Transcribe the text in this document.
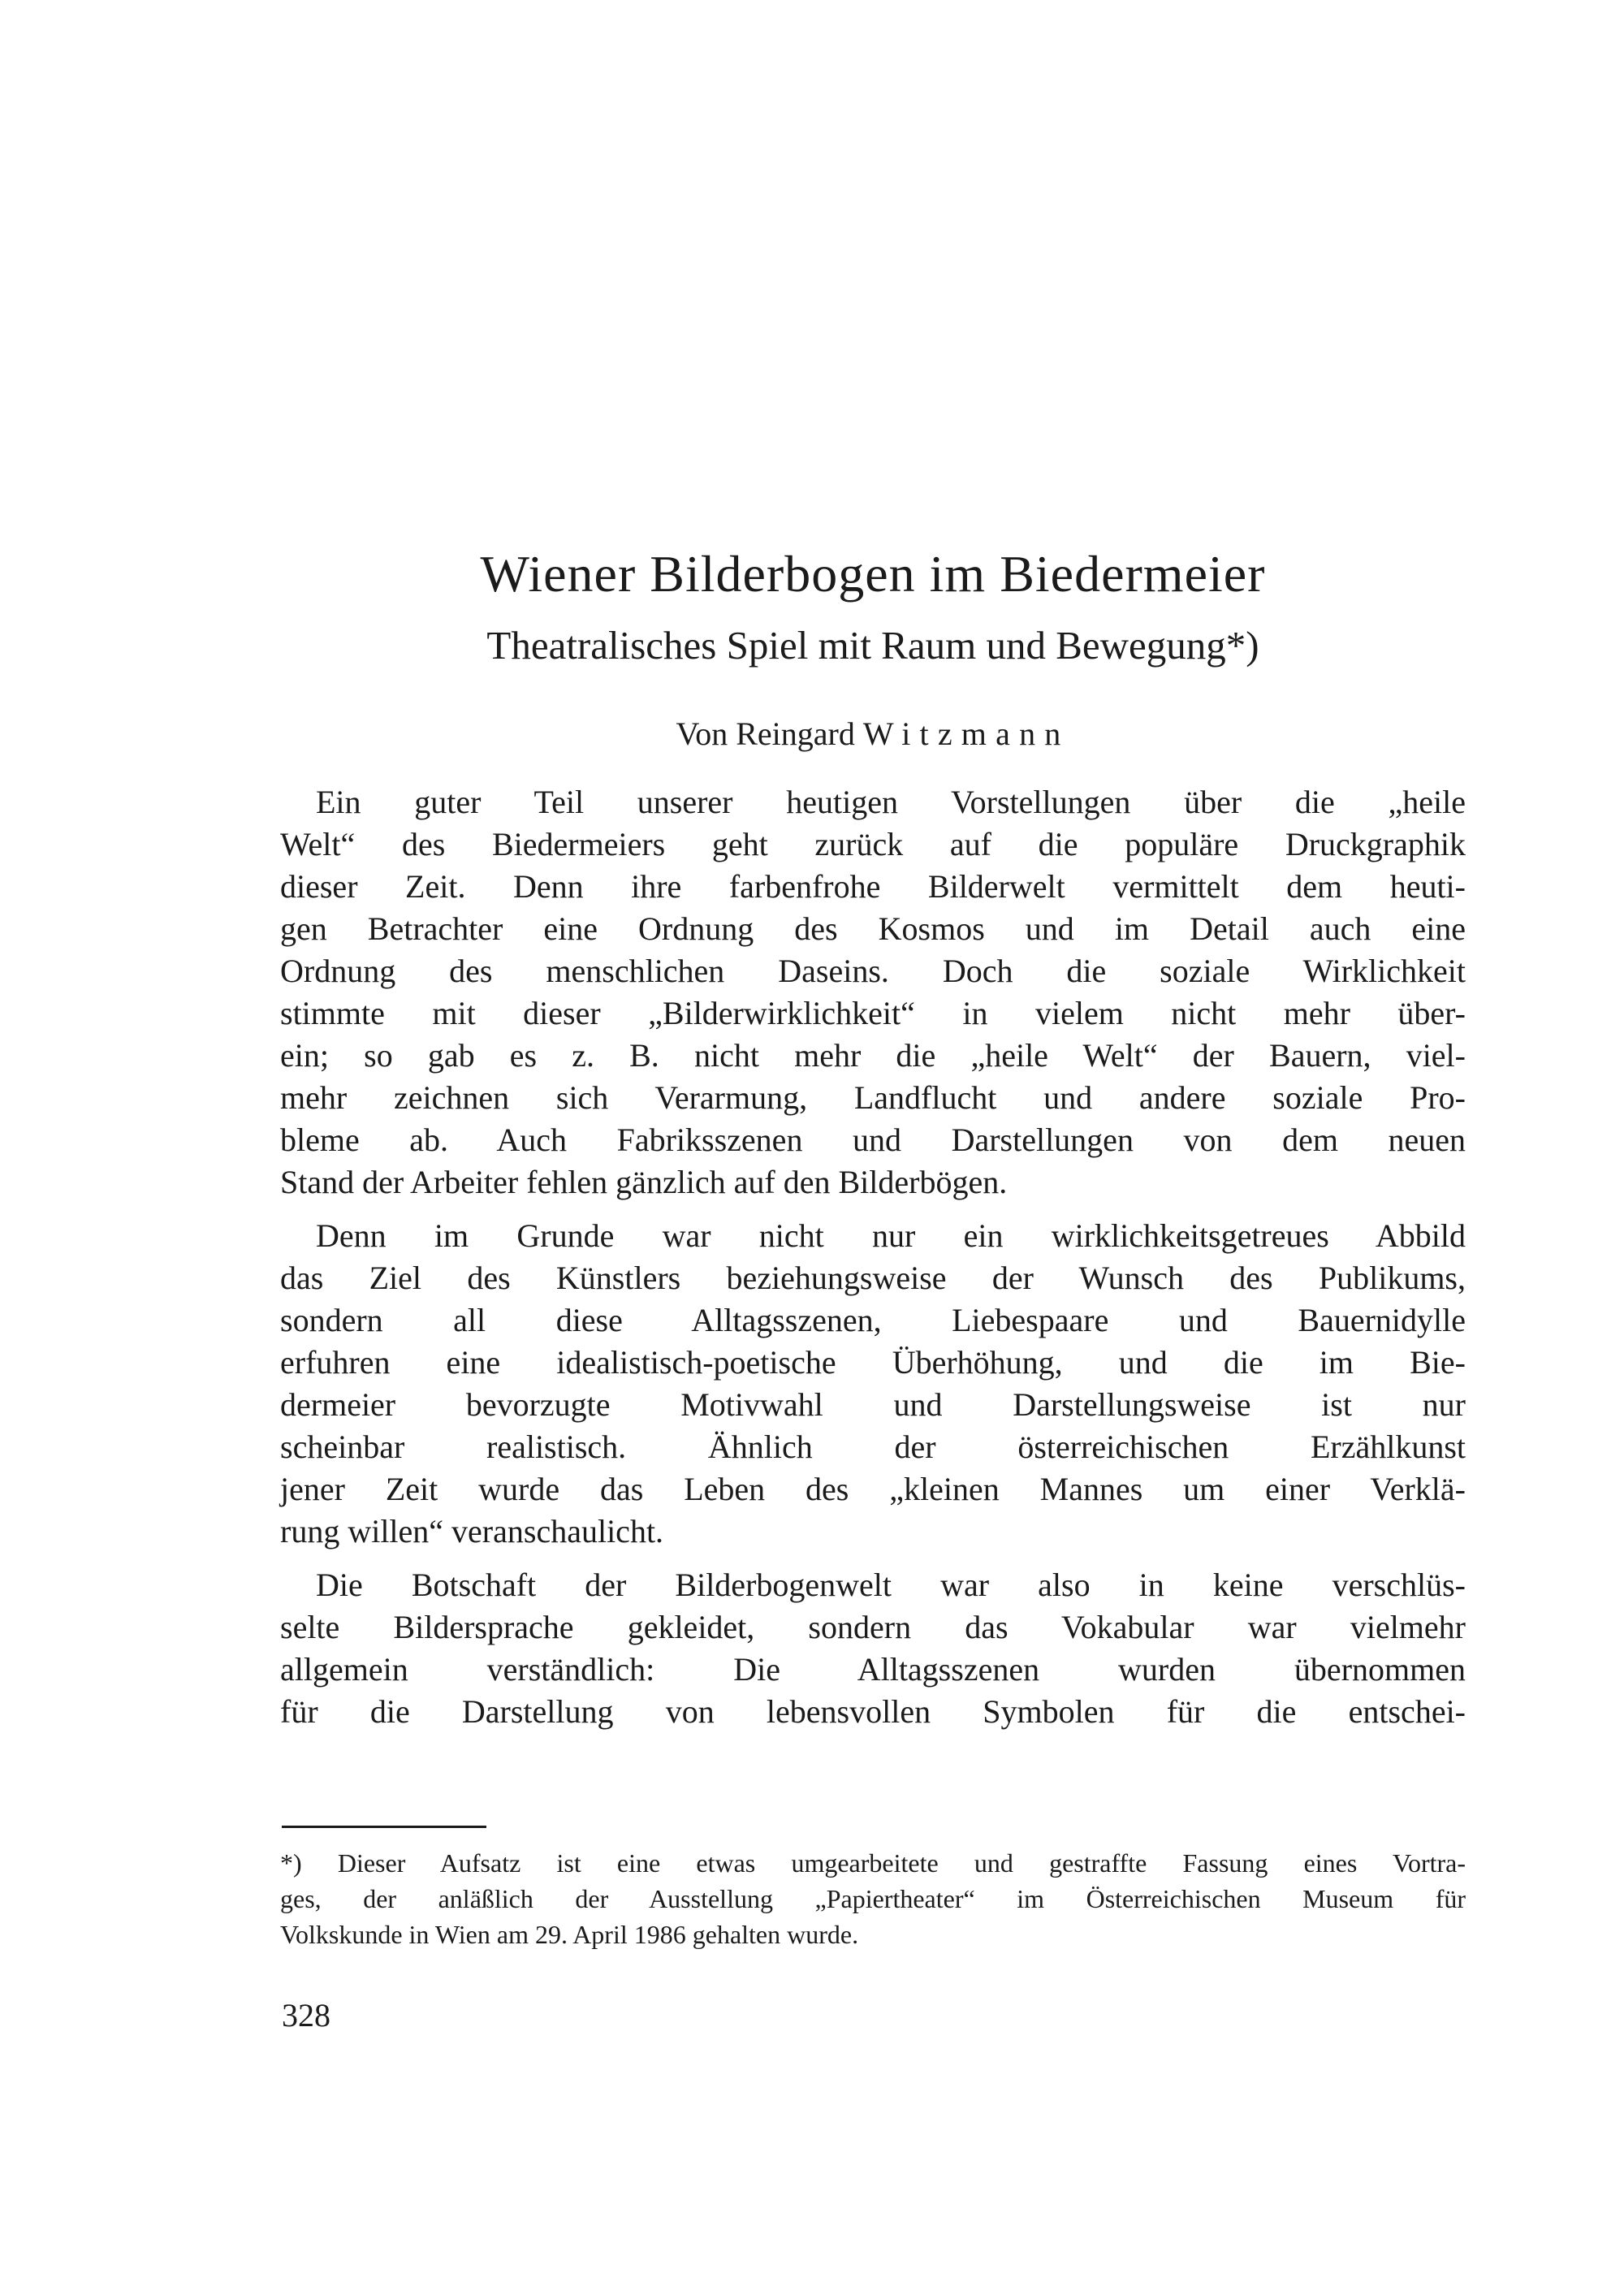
Wiener Bilderbogen im Biedermeier
Theatralisches Spiel mit Raum und Bewegung*)
Von Reingard Witzmann
Ein guter Teil unserer heutigen Vorstellungen über die „heile
Welt“ des Biedermeiers geht zurück auf die populäre Druckgraphik
dieser Zeit. Denn ihre farbenfrohe Bilderwelt vermittelt dem heuti-
gen Betrachter eine Ordnung des Kosmos und im Detail auch eine
Ordnung des menschlichen Daseins. Doch die soziale Wirklichkeit
stimmte mit dieser „Bilderwirklichkeit“ in vielem nicht mehr über-
ein; so gab es z. B. nicht mehr die „heile Welt“ der Bauern, viel-
mehr zeichnen sich Verarmung, Landflucht und andere soziale Pro-
bleme ab. Auch Fabriksszenen und Darstellungen von dem neuen
Stand der Arbeiter fehlen gänzlich auf den Bilderbögen.
Denn im Grunde war nicht nur ein wirklichkeitsgetreues Abbild
das Ziel des Künstlers beziehungsweise der Wunsch des Publikums,
sondern all diese Alltagsszenen, Liebespaare und Bauernidylle
erfuhren eine idealistisch-poetische Überhöhung, und die im Bie-
dermeier bevorzugte Motivwahl und Darstellungsweise ist nur
scheinbar realistisch. Ähnlich der österreichischen Erzählkunst
jener Zeit wurde das Leben des „kleinen Mannes um einer Verklä-
rung willen“ veranschaulicht.
Die Botschaft der Bilderbogenwelt war also in keine verschlüs-
selte Bildersprache gekleidet, sondern das Vokabular war vielmehr
allgemein verständlich: Die Alltagsszenen wurden übernommen
für die Darstellung von lebensvollen Symbolen für die entschei-
*) Dieser Aufsatz ist eine etwas umgearbeitete und gestraffte Fassung eines Vortra-
ges, der anläßlich der Ausstellung „Papiertheater“ im Österreichischen Museum für
Volkskunde in Wien am 29. April 1986 gehalten wurde.
328
